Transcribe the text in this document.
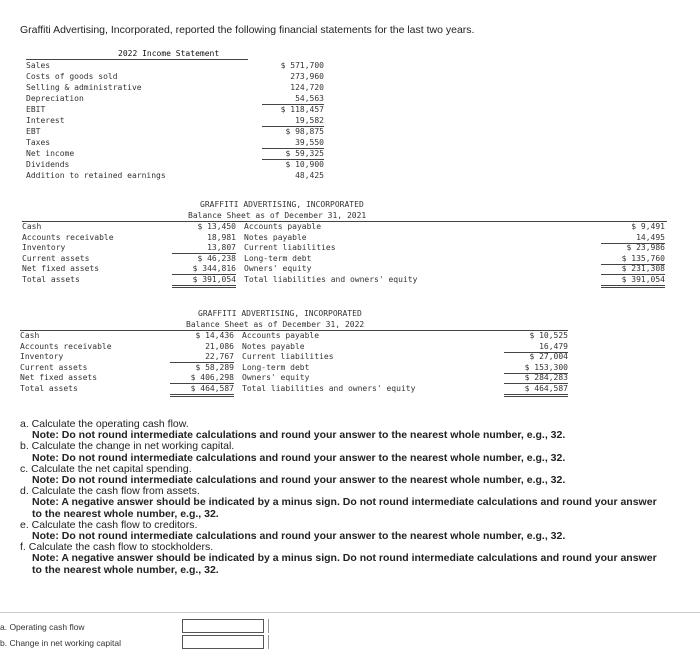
Graffiti Advertising, Incorporated, reported the following financial statements for the last two years.
2022 Income Statement
Sales	$ 571,700
Costs of goods sold	273,960
Selling & administrative	124,720
Depreciation	54,563
EBIT	$ 118,457
Interest	19,582
EBT	$ 98,875
Taxes	39,550
Net income	$ 59,325
Dividends	$ 10,900
Addition to retained earnings	48,425
GRAFFITI ADVERTISING, INCORPORATED
Balance Sheet as of December 31, 2021
Cash	$ 13,450 Accounts payable	$ 9,491
Accounts receivable	18,981 Notes payable	14,495
Inventory	13,807 Current liabilities	$ 23,986
Current assets	$ 46,238 Long-term debt	$ 135,760
Net fixed assets	$ 344,816 Owners' equity	$ 231,308
Total assets	$ 391,054 Total liabilities and owners' equity	$ 391,054
GRAFFITI ADVERTISING, INCORPORATED
Balance Sheet as of December 31, 2022
Cash	$ 14,436 Accounts payable	$ 10,525
Accounts receivable	21,086 Notes payable	16,479
Inventory	22,767 Current liabilities	$ 27,004
Current assets	$ 58,289 Long-term debt	$ 153,300
Net fixed assets	$ 406,298 Owners' equity	$ 284,283
Total assets	$ 464,587 Total liabilities and owners' equity	$ 464,587
a. Calculate the operating cash flow.
Note: Do not round intermediate calculations and round your answer to the nearest whole number, e.g., 32.
b. Calculate the change in net working capital.
Note: Do not round intermediate calculations and round your answer to the nearest whole number, e.g., 32.
c. Calculate the net capital spending.
Note: Do not round intermediate calculations and round your answer to the nearest whole number, e.g., 32.
d. Calculate the cash flow from assets.
Note: A negative answer should be indicated by a minus sign. Do not round intermediate calculations and round your answer to the nearest whole number, e.g., 32.
e. Calculate the cash flow to creditors.
Note: Do not round intermediate calculations and round your answer to the nearest whole number, e.g., 32.
f. Calculate the cash flow to stockholders.
Note: A negative answer should be indicated by a minus sign. Do not round intermediate calculations and round your answer to the nearest whole number, e.g., 32.
a. Operating cash flow
b. Change in net working capital
